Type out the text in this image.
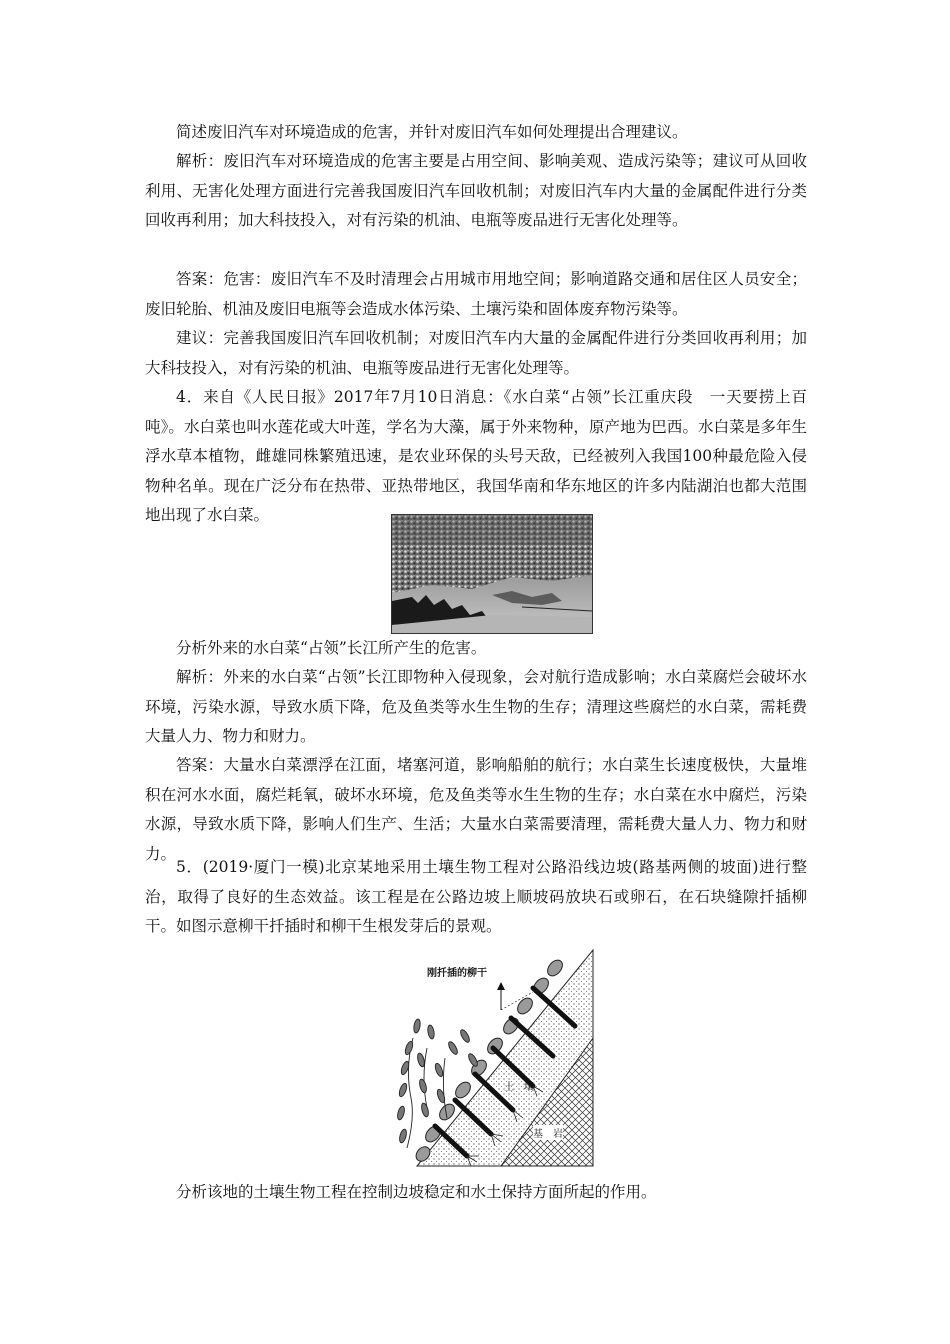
简述废旧汽车对环境造成的危害，并针对废旧汽车如何处理提出合理建议。

解析：废旧汽车对环境造成的危害主要是占用空间、影响美观、造成污染等；建议可从回收利用、无害化处理方面进行完善我国废旧汽车回收机制；对废旧汽车内大量的金属配件进行分类回收再利用；加大科技投入，对有污染的机油、电瓶等废品进行无害化处理等。

答案：危害：废旧汽车不及时清理会占用城市用地空间；影响道路交通和居住区人员安全；废旧轮胎、机油及废旧电瓶等会造成水体污染、土壤污染和固体废弃物污染等。

建议：完善我国废旧汽车回收机制；对废旧汽车内大量的金属配件进行分类回收再利用；加大科技投入，对有污染的机油、电瓶等废品进行无害化处理等。

4．来自《人民日报》2017年7月10日消息：《水白菜“占领”长江重庆段　一天要捞上百吨》。水白菜也叫水莲花或大叶莲，学名为大藻，属于外来物种，原产地为巴西。水白菜是多年生浮水草本植物，雌雄同株繁殖迅速，是农业环保的头号天敌，已经被列入我国100种最危险入侵物种名单。现在广泛分布在热带、亚热带地区，我国华南和华东地区的许多内陆湖泊也都大范围地出现了水白菜。

分析外来的水白菜“占领”长江所产生的危害。

解析：外来的水白菜“占领”长江即物种入侵现象，会对航行造成影响；水白菜腐烂会破坏水环境，污染水源，导致水质下降，危及鱼类等水生生物的生存；清理这些腐烂的水白菜，需耗费大量人力、物力和财力。

答案：大量水白菜漂浮在江面，堵塞河道，影响船舶的航行；水白菜生长速度极快，大量堆积在河水水面，腐烂耗氧，破坏水环境，危及鱼类等水生生物的生存；水白菜在水中腐烂，污染水源，导致水质下降，影响人们生产、生活；大量水白菜需要清理，需耗费大量人力、物力和财力。

5．(2019·厦门一模)北京某地采用土壤生物工程对公路沿线边坡(路基两侧的坡面)进行整治，取得了良好的生态效益。该工程是在公路边坡上顺坡码放块石或卵石，在石块缝隙扦插柳干。如图示意柳干扦插时和柳干生根发芽后的景观。

刚扦插的柳干
土　壤
基　岩

分析该地的土壤生物工程在控制边坡稳定和水土保持方面所起的作用。
